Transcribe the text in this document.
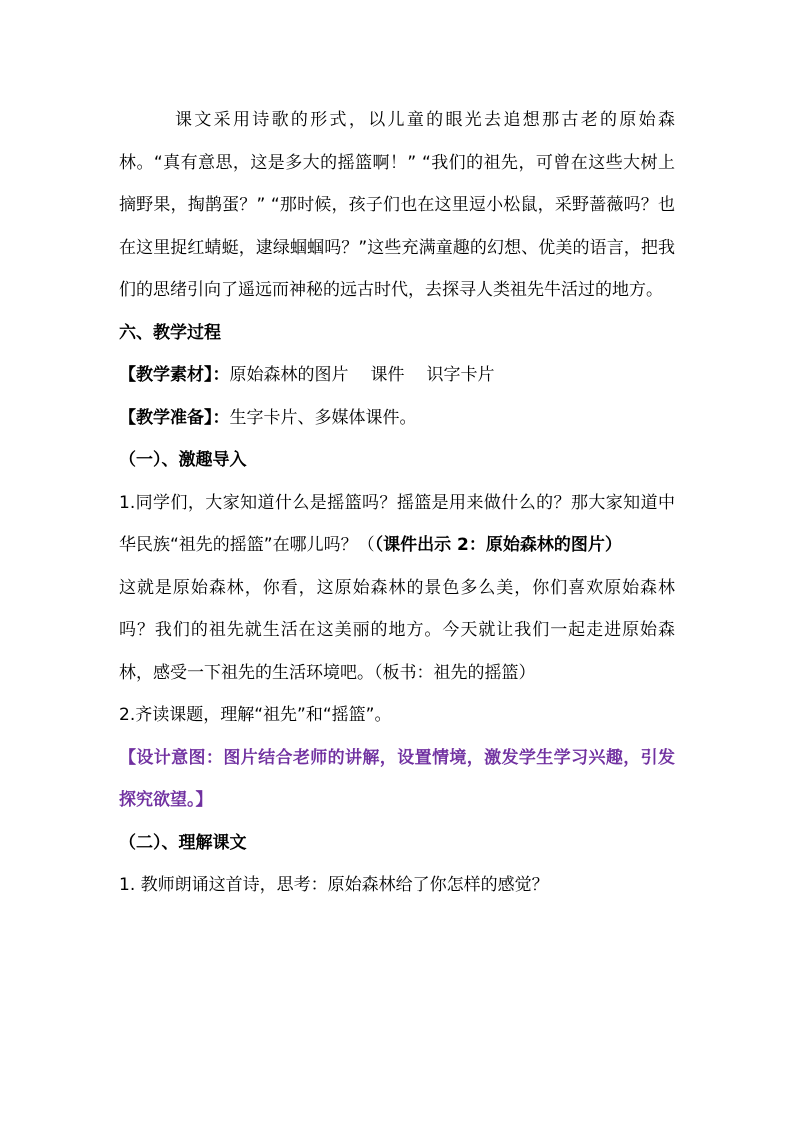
课文采用诗歌的形式，以儿童的眼光去追想那古老的原始森林。“真有意思，这是多大的摇篮啊！” “我们的祖先，可曾在这些大树上摘野果，掏鹊蛋？” “那时候，孩子们也在这里逗小松鼠，采野蔷薇吗？也在这里捉红蜻蜓，逮绿蝈蝈吗？”这些充满童趣的幻想、优美的语言，把我们的思绪引向了遥远而神秘的远古时代，去探寻人类祖先牛活过的地方。

六、教学过程

【教学素材】：原始森林的图片 课件 识字卡片

【教学准备】：生字卡片、多媒体课件。

（一）、激趣导入

1.同学们，大家知道什么是摇篮吗？摇篮是用来做什么的？那大家知道中华民族“祖先的摇篮”在哪儿吗？（（课件出示 2：原始森林的图片）

这就是原始森林，你看，这原始森林的景色多么美，你们喜欢原始森林吗？我们的祖先就生活在这美丽的地方。今天就让我们一起走进原始森林，感受一下祖先的生活环境吧。（板书：祖先的摇篮）

2.齐读课题，理解“祖先”和“摇篮”。

【设计意图：图片结合老师的讲解，设置情境，激发学生学习兴趣，引发探究欲望。】

（二）、理解课文

1. 教师朗诵这首诗，思考：原始森林给了你怎样的感觉？
